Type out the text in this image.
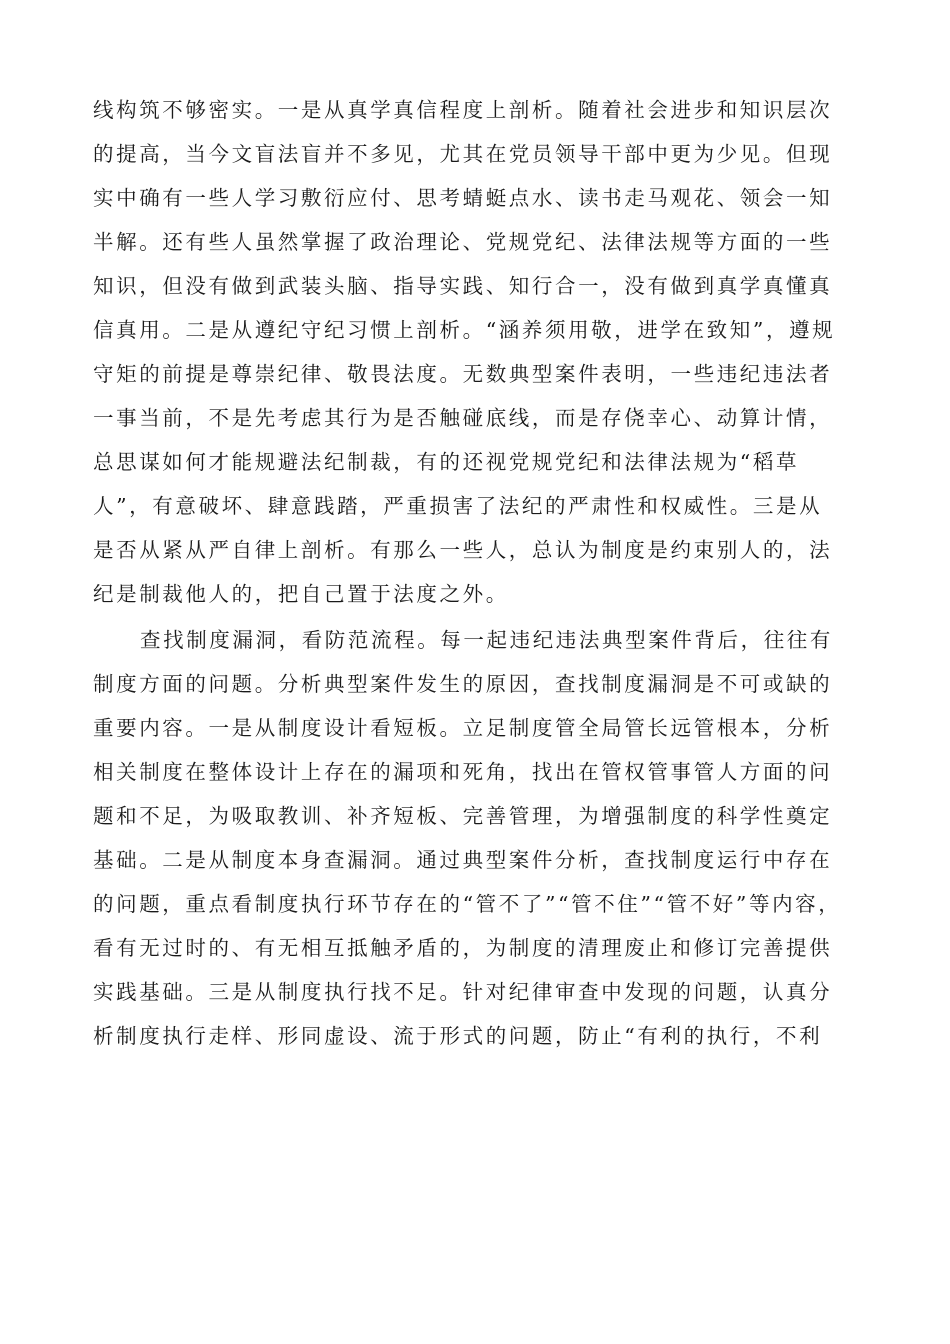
线构筑不够密实。一是从真学真信程度上剖析。随着社会进步和知识层次
的提高，当今文盲法盲并不多见，尤其在党员领导干部中更为少见。但现
实中确有一些人学习敷衍应付、思考蜻蜓点水、读书走马观花、领会一知
半解。还有些人虽然掌握了政治理论、党规党纪、法律法规等方面的一些
知识，但没有做到武装头脑、指导实践、知行合一，没有做到真学真懂真
信真用。二是从遵纪守纪习惯上剖析。“涵养须用敬，进学在致知”，遵规
守矩的前提是尊崇纪律、敬畏法度。无数典型案件表明，一些违纪违法者
一事当前，不是先考虑其行为是否触碰底线，而是存侥幸心、动算计情，
总思谋如何才能规避法纪制裁，有的还视党规党纪和法律法规为“稻草
人”，有意破坏、肆意践踏，严重损害了法纪的严肃性和权威性。三是从
是否从紧从严自律上剖析。有那么一些人，总认为制度是约束别人的，法
纪是制裁他人的，把自己置于法度之外。
查找制度漏洞，看防范流程。每一起违纪违法典型案件背后，往往有
制度方面的问题。分析典型案件发生的原因，查找制度漏洞是不可或缺的
重要内容。一是从制度设计看短板。立足制度管全局管长远管根本，分析
相关制度在整体设计上存在的漏项和死角，找出在管权管事管人方面的问
题和不足，为吸取教训、补齐短板、完善管理，为增强制度的科学性奠定
基础。二是从制度本身查漏洞。通过典型案件分析，查找制度运行中存在
的问题，重点看制度执行环节存在的“管不了”“管不住”“管不好”等内容，
看有无过时的、有无相互抵触矛盾的，为制度的清理废止和修订完善提供
实践基础。三是从制度执行找不足。针对纪律审查中发现的问题，认真分
析制度执行走样、形同虚设、流于形式的问题，防止“有利的执行，不利
